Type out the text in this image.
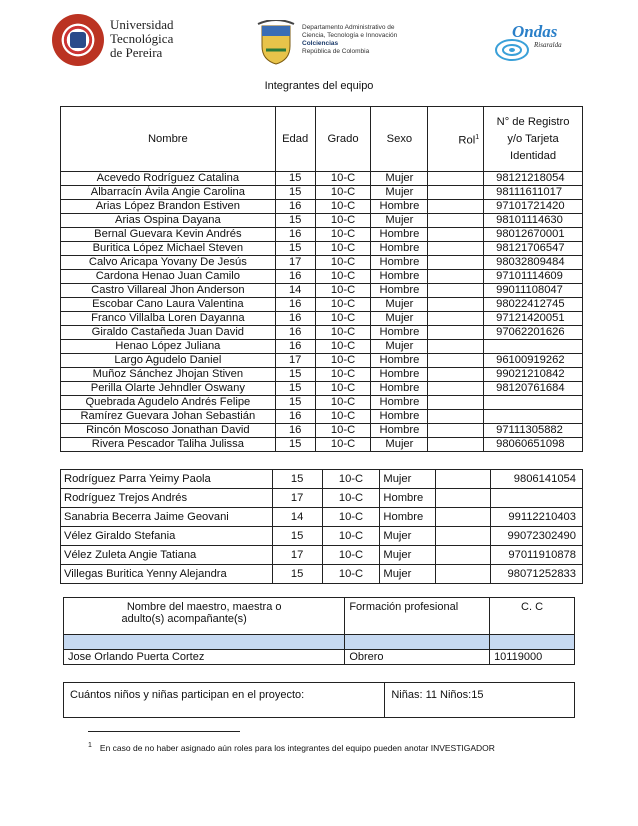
Universidad
Tecnológica
de Pereira
Departamento Administrativo de
Ciencia, Tecnología e Innovación
Colciencias
República de Colombia
Ondas
Risaralda
Integrantes del equipo
Nombre	Edad	Grado	Sexo	Rol$^1$	N° de Registro
y/o Tarjeta
Identidad

Acevedo Rodríguez Catalina	15	10-C	Mujer		98121218054
Albarracín Ávila Angie Carolina	15	10-C	Mujer		98111611017
Arias López Brandon Estiven	16	10-C	Hombre		97101721420
Arias Ospina Dayana	15	10-C	Mujer		98101114630
Bernal Guevara Kevin Andrés	16	10-C	Hombre		98012670001
Buritica López Michael Steven	15	10-C	Hombre		98121706547
Calvo Aricapa Yovany De Jesús	17	10-C	Hombre		98032809484
Cardona Henao Juan Camilo	16	10-C	Hombre		97101114609
Castro Villareal Jhon Anderson	14	10-C	Hombre		99011108047
Escobar Cano Laura Valentina	16	10-C	Mujer		98022412745
Franco Villalba Loren Dayanna	16	10-C	Mujer		97121420051
Giraldo Castañeda Juan David	16	10-C	Hombre		97062201626
Henao López Juliana	16	10-C	Mujer		
Largo Agudelo Daniel	17	10-C	Hombre		96100919262
Muñoz Sánchez Jhojan Stiven	15	10-C	Hombre		99021210842
Perilla Olarte Jehndler Oswany	15	10-C	Hombre		98120761684
Quebrada Agudelo Andrés Felipe	15	10-C	Hombre		
Ramírez Guevara Johan Sebastián	16	10-C	Hombre		
Rincón Moscoso Jonathan David	16	10-C	Hombre		97111305882
Rivera Pescador Taliha Julissa	15	10-C	Mujer		98060651098
Rodríguez Parra Yeimy Paola	15	10-C	Mujer		9806141054
Rodríguez Trejos Andrés	17	10-C	Hombre		
Sanabria Becerra Jaime Geovani	14	10-C	Hombre		99112210403
Vélez Giraldo Stefania	15	10-C	Mujer		99072302490
Vélez Zuleta Angie Tatiana	17	10-C	Mujer		97011910878
Villegas Buritica Yenny Alejandra	15	10-C	Mujer		98071252833
Nombre del maestro, maestra o
adulto(s) acompañante(s)	Formación profesional	C. C

Jose Orlando Puerta Cortez	Obrero	10119000
Cuántos niños y niñas participan en el proyecto:	Niñas: 11 Niños:15
$^1$ En caso de no haber asignado aún roles para los integrantes del equipo pueden anotar INVESTIGADOR
